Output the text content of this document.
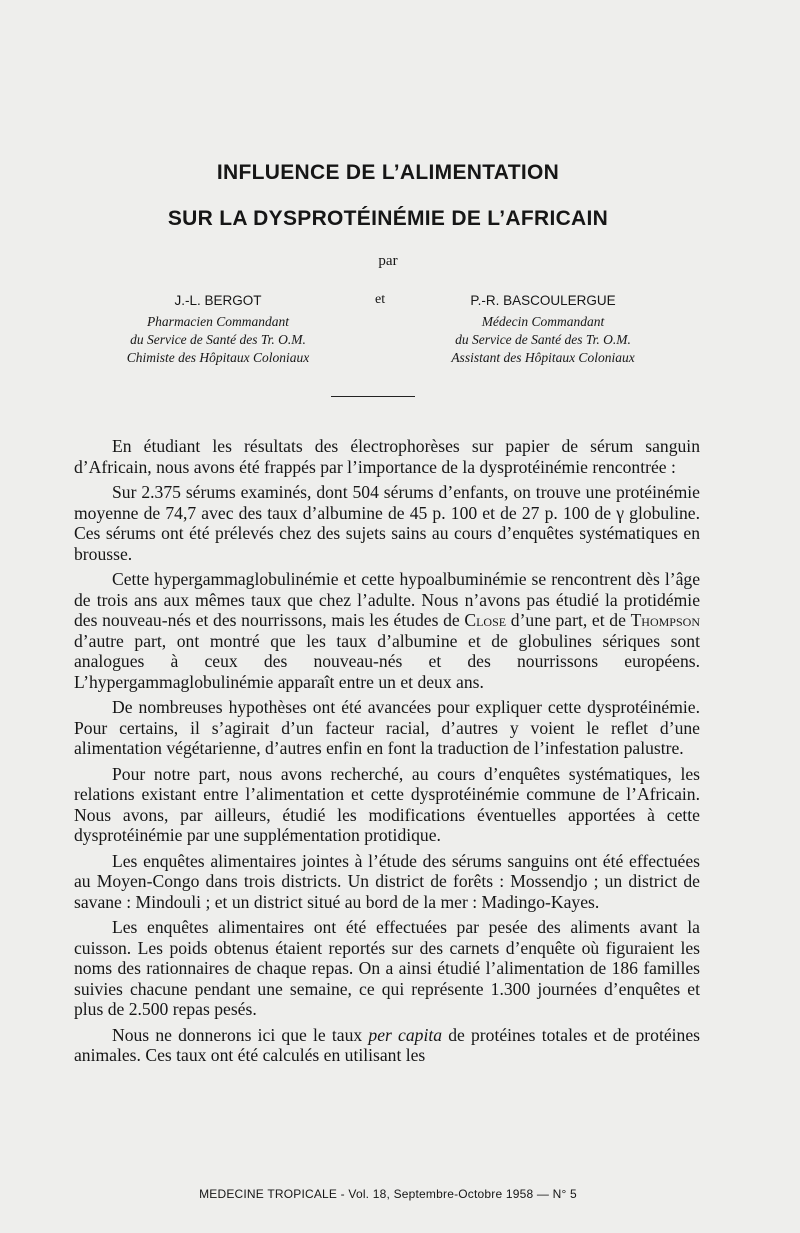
INFLUENCE DE L’ALIMENTATION
SUR LA DYSPROTÉINÉMIE DE L’AFRICAIN
par
J.-L. BERGOT
Pharmacien Commandant
du Service de Santé des Tr. O.M.
Chimiste des Hôpitaux Coloniaux
et	P.-R. BASCOULERGUE
Médecin Commandant
du Service de Santé des Tr. O.M.
Assistant des Hôpitaux Coloniaux

En étudiant les résultats des électrophorèses sur papier de sérum sanguin d’Africain, nous avons été frappés par l’importance de la dysprotéinémie rencontrée :

Sur 2.375 sérums examinés, dont 504 sérums d’enfants, on trouve une protéinémie moyenne de 74,7 avec des taux d’albumine de 45 p. 100 et de 27 p. 100 de γ globuline. Ces sérums ont été prélevés chez des sujets sains au cours d’enquêtes systématiques en brousse.

Cette hypergammaglobulinémie et cette hypoalbuminémie se rencontrent dès l’âge de trois ans aux mêmes taux que chez l’adulte. Nous n’avons pas étudié la protidémie des nouveau-nés et des nourrissons, mais les études de Close d’une part, et de Thompson d’autre part, ont montré que les taux d’albumine et de globulines sériques sont analogues à ceux des nouveau-nés et des nourrissons européens. L’hypergammaglobulinémie apparaît entre un et deux ans.

De nombreuses hypothèses ont été avancées pour expliquer cette dysprotéinémie. Pour certains, il s’agirait d’un facteur racial, d’autres y voient le reflet d’une alimentation végétarienne, d’autres enfin en font la traduction de l’infestation palustre.

Pour notre part, nous avons recherché, au cours d’enquêtes systématiques, les relations existant entre l’alimentation et cette dysprotéinémie commune de l’Africain. Nous avons, par ailleurs, étudié les modifications éventuelles apportées à cette dysprotéinémie par une supplémentation protidique.

Les enquêtes alimentaires jointes à l’étude des sérums sanguins ont été effectuées au Moyen-Congo dans trois districts. Un district de forêts : Mossendjo ; un district de savane : Mindouli ; et un district situé au bord de la mer : Madingo-Kayes.

Les enquêtes alimentaires ont été effectuées par pesée des aliments avant la cuisson. Les poids obtenus étaient reportés sur des carnets d’enquête où figuraient les noms des rationnaires de chaque repas. On a ainsi étudié l’alimentation de 186 familles suivies chacune pendant une semaine, ce qui représente 1.300 journées d’enquêtes et plus de 2.500 repas pesés.

Nous ne donnerons ici que le taux per capita de protéines totales et de protéines animales. Ces taux ont été calculés en utilisant les

MEDECINE TROPICALE - Vol. 18, Septembre-Octobre 1958 — N° 5
